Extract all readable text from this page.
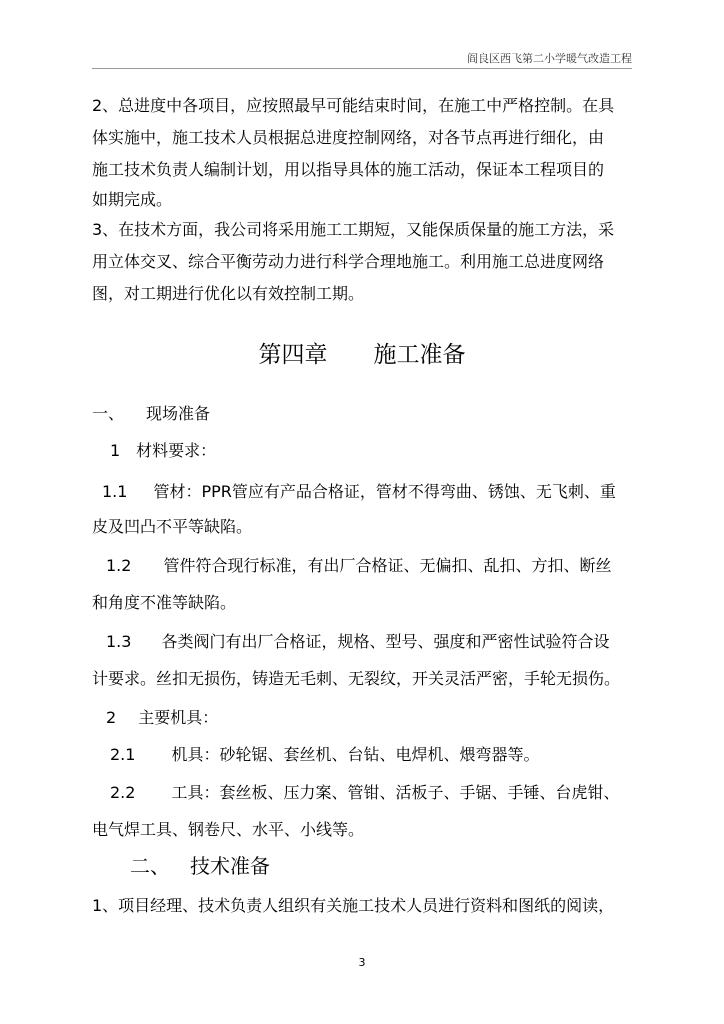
阎良区西飞第二小学暖气改造工程
2、总进度中各项目，应按照最早可能结束时间，在施工中严格控制。在具
体实施中，施工技术人员根据总进度控制网络，对各节点再进行细化，由
施工技术负责人编制计划，用以指导具体的施工活动，保证本工程项目的
如期完成。
3、在技术方面，我公司将采用施工工期短，又能保质保量的施工方法，采
用立体交叉、综合平衡劳动力进行科学合理地施工。利用施工总进度网络
图，对工期进行优化以有效控制工期。
第四章 施工准备
一、 现场准备
1　材料要求：
1.1 管材：PPR管应有产品合格证，管材不得弯曲、锈蚀、无飞刺、重
皮及凹凸不平等缺陷。
1.2 管件符合现行标准，有出厂合格证、无偏扣、乱扣、方扣、断丝
和角度不准等缺陷。
1.3 各类阀门有出厂合格证，规格、型号、强度和严密性试验符合设
计要求。丝扣无损伤，铸造无毛刺、无裂纹，开关灵活严密，手轮无损伤。
2 主要机具：
2.1 机具：砂轮锯、套丝机、台钻、电焊机、煨弯器等。
2.2 工具：套丝板、压力案、管钳、活板子、手锯、手锤、台虎钳、
电气焊工具、钢卷尺、水平、小线等。
二、 技术准备
1、项目经理、技术负责人组织有关施工技术人员进行资料和图纸的阅读，
3
